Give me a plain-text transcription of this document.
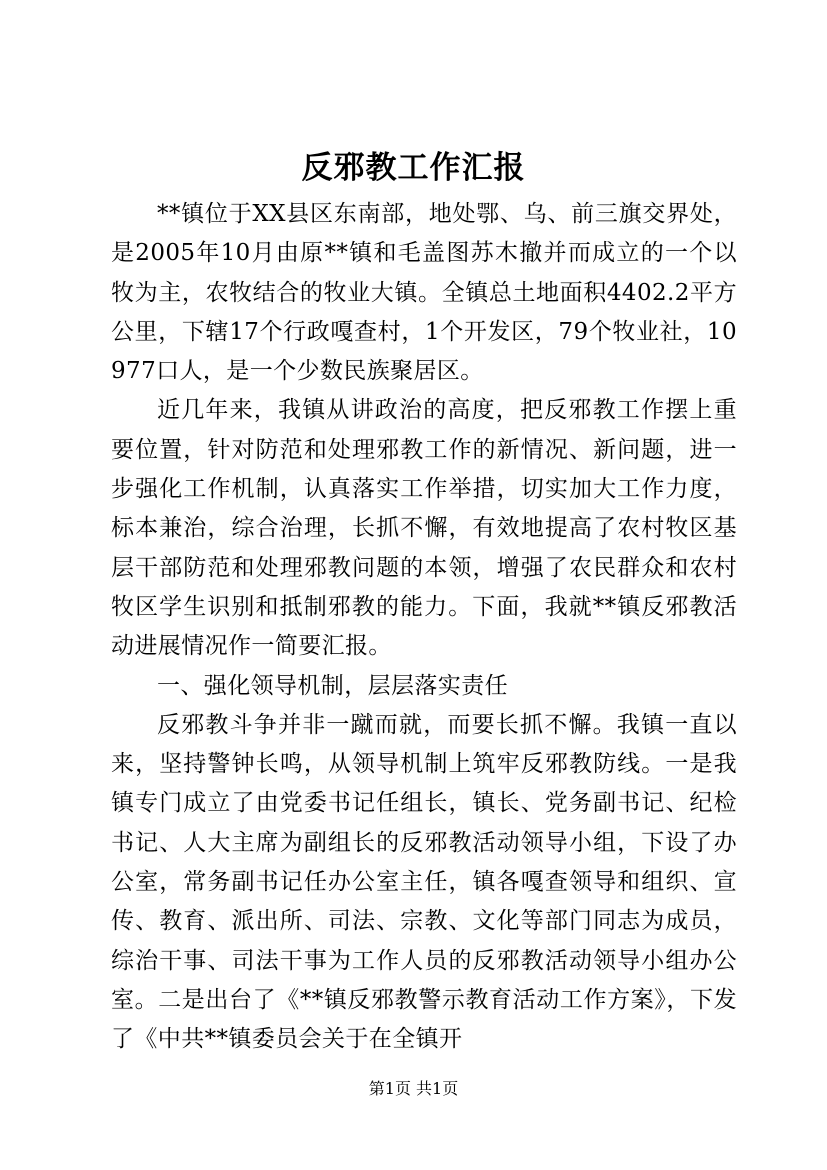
反邪教工作汇报

**镇位于XX县区东南部，地处鄂、乌、前三旗交界处，是2005年10月由原**镇和毛盖图苏木撤并而成立的一个以牧为主，农牧结合的牧业大镇。全镇总土地面积4402.2平方公里，下辖17个行政嘎查村，1个开发区，79个牧业社，10977口人，是一个少数民族聚居区。

近几年来，我镇从讲政治的高度，把反邪教工作摆上重要位置，针对防范和处理邪教工作的新情况、新问题，进一步强化工作机制，认真落实工作举措，切实加大工作力度，标本兼治，综合治理，长抓不懈，有效地提高了农村牧区基层干部防范和处理邪教问题的本领，增强了农民群众和农村牧区学生识别和抵制邪教的能力。下面，我就**镇反邪教活动进展情况作一简要汇报。

一、强化领导机制，层层落实责任

反邪教斗争并非一蹴而就，而要长抓不懈。我镇一直以来，坚持警钟长鸣，从领导机制上筑牢反邪教防线。一是我镇专门成立了由党委书记任组长，镇长、党务副书记、纪检书记、人大主席为副组长的反邪教活动领导小组，下设了办公室，常务副书记任办公室主任，镇各嘎查领导和组织、宣传、教育、派出所、司法、宗教、文化等部门同志为成员，综治干事、司法干事为工作人员的反邪教活动领导小组办公室。二是出台了《**镇反邪教警示教育活动工作方案》，下发了《中共**镇委员会关于在全镇开

第1页 共1页
